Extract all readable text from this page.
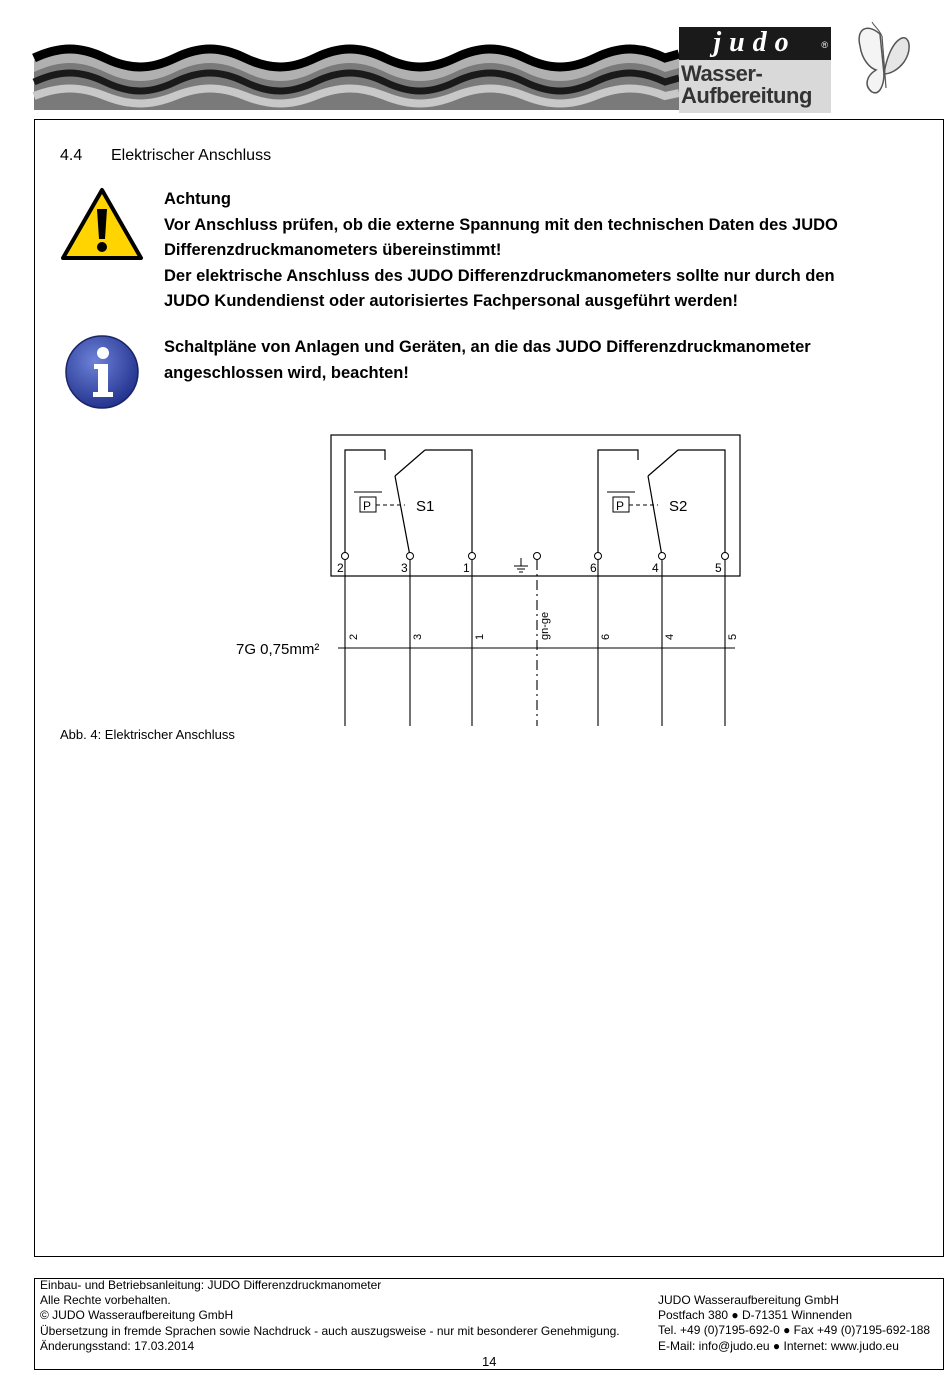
judo	®
Wasser-
Aufbereitung
4.4 Elektrischer Anschluss
Achtung
Vor Anschluss prüfen, ob die externe Spannung mit den technischen Daten des JUDO
Differenzdruckmanometers übereinstimmt!
Der elektrische Anschluss des JUDO Differenzdruckmanometers sollte nur durch den
JUDO Kundendienst oder autorisiertes Fachpersonal ausgeführt werden!
Schaltpläne von Anlagen und Geräten, an die das JUDO Differenzdruckmanometer
angeschlossen wird, beachten!
P	S1	P	S2
2	3	1	6	4	5
7G 0,75mm²
2	3	1	gn-ge	6	4	5
Abb. 4: Elektrischer Anschluss
Einbau- und Betriebsanleitung: JUDO Differenzdruckmanometer
Alle Rechte vorbehalten.
© JUDO Wasseraufbereitung GmbH
Übersetzung in fremde Sprachen sowie Nachdruck - auch auszugsweise - nur mit besonderer Genehmigung.
Änderungsstand: 17.03.2014
JUDO Wasseraufbereitung GmbH
Postfach 380 ● D-71351 Winnenden
Tel. +49 (0)7195-692-0 ● Fax +49 (0)7195-692-188
E-Mail: info@judo.eu ● Internet: www.judo.eu
14
